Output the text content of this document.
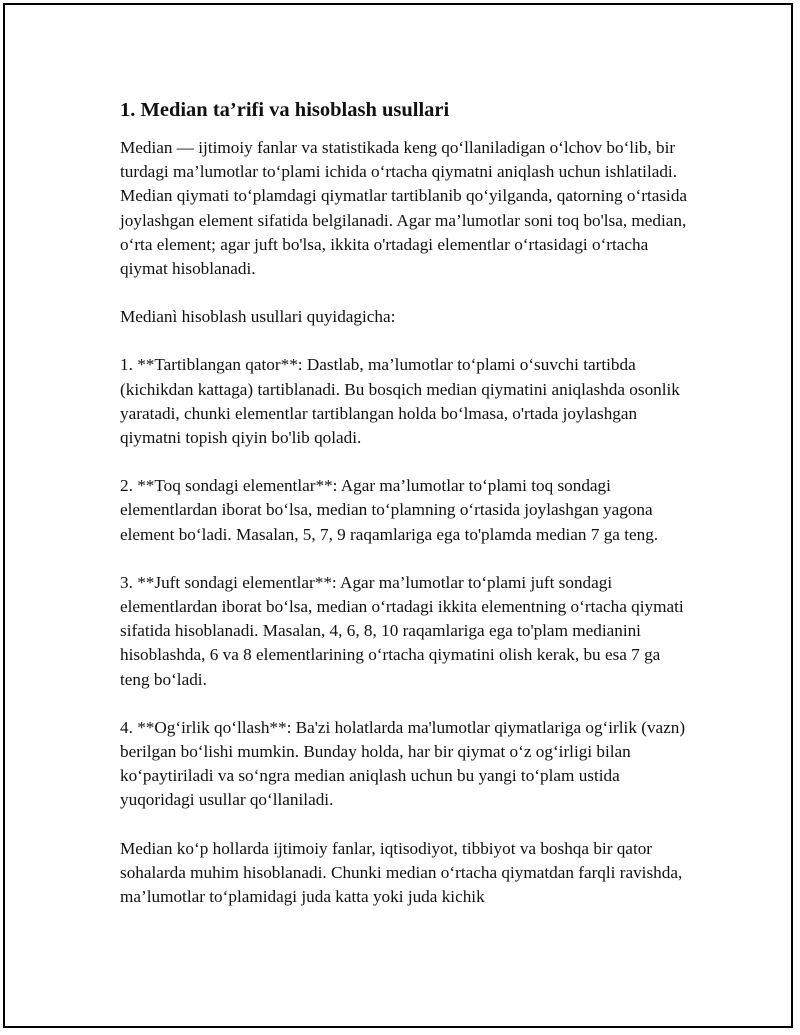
1. Median ta’rifi va hisoblash usullari

Median — ijtimoiy fanlar va statistikada keng qo‘llaniladigan o‘lchov bo‘lib, bir turdagi ma’lumotlar to‘plami ichida o‘rtacha qiymatni aniqlash uchun ishlatiladi. Median qiymati to‘plamdagi qiymatlar tartiblanib qo‘yilganda, qatorning o‘rtasida joylashgan element sifatida belgilanadi. Agar ma’lumotlar soni toq bo'lsa, median, o‘rta element; agar juft bo'lsa, ikkita o'rtadagi elementlar o‘rtasidagi o‘rtacha qiymat hisoblanadi.

Medianì hisoblash usullari quyidagicha:

1. **Tartiblangan qator**: Dastlab, ma’lumotlar to‘plami o‘suvchi tartibda (kichikdan kattaga) tartiblanadi. Bu bosqich median qiymatini aniqlashda osonlik yaratadi, chunki elementlar tartiblangan holda bo‘lmasa, o'rtada joylashgan qiymatni topish qiyin bo'lib qoladi.

2. **Toq sondagi elementlar**: Agar ma’lumotlar to‘plami toq sondagi elementlardan iborat bo‘lsa, median to‘plamning o‘rtasida joylashgan yagona element bo‘ladi. Masalan, 5, 7, 9 raqamlariga ega to'plamda median 7 ga teng.

3. **Juft sondagi elementlar**: Agar ma’lumotlar to‘plami juft sondagi elementlardan iborat bo‘lsa, median o‘rtadagi ikkita elementning o‘rtacha qiymati sifatida hisoblanadi. Masalan, 4, 6, 8, 10 raqamlariga ega to'plam medianini hisoblashda, 6 va 8 elementlarining o‘rtacha qiymatini olish kerak, bu esa 7 ga teng bo‘ladi.

4. **Og‘irlik qo‘llash**: Ba'zi holatlarda ma'lumotlar qiymatlariga og‘irlik (vazn) berilgan bo‘lishi mumkin. Bunday holda, har bir qiymat o‘z og‘irligi bilan ko‘paytiriladi va so‘ngra median aniqlash uchun bu yangi to‘plam ustida yuqoridagi usullar qo‘llaniladi.

Median ko‘p hollarda ijtimoiy fanlar, iqtisodiyot, tibbiyot va boshqa bir qator sohalarda muhim hisoblanadi. Chunki median o‘rtacha qiymatdan farqli ravishda, ma’lumotlar to‘plamidagi juda katta yoki juda kichik
